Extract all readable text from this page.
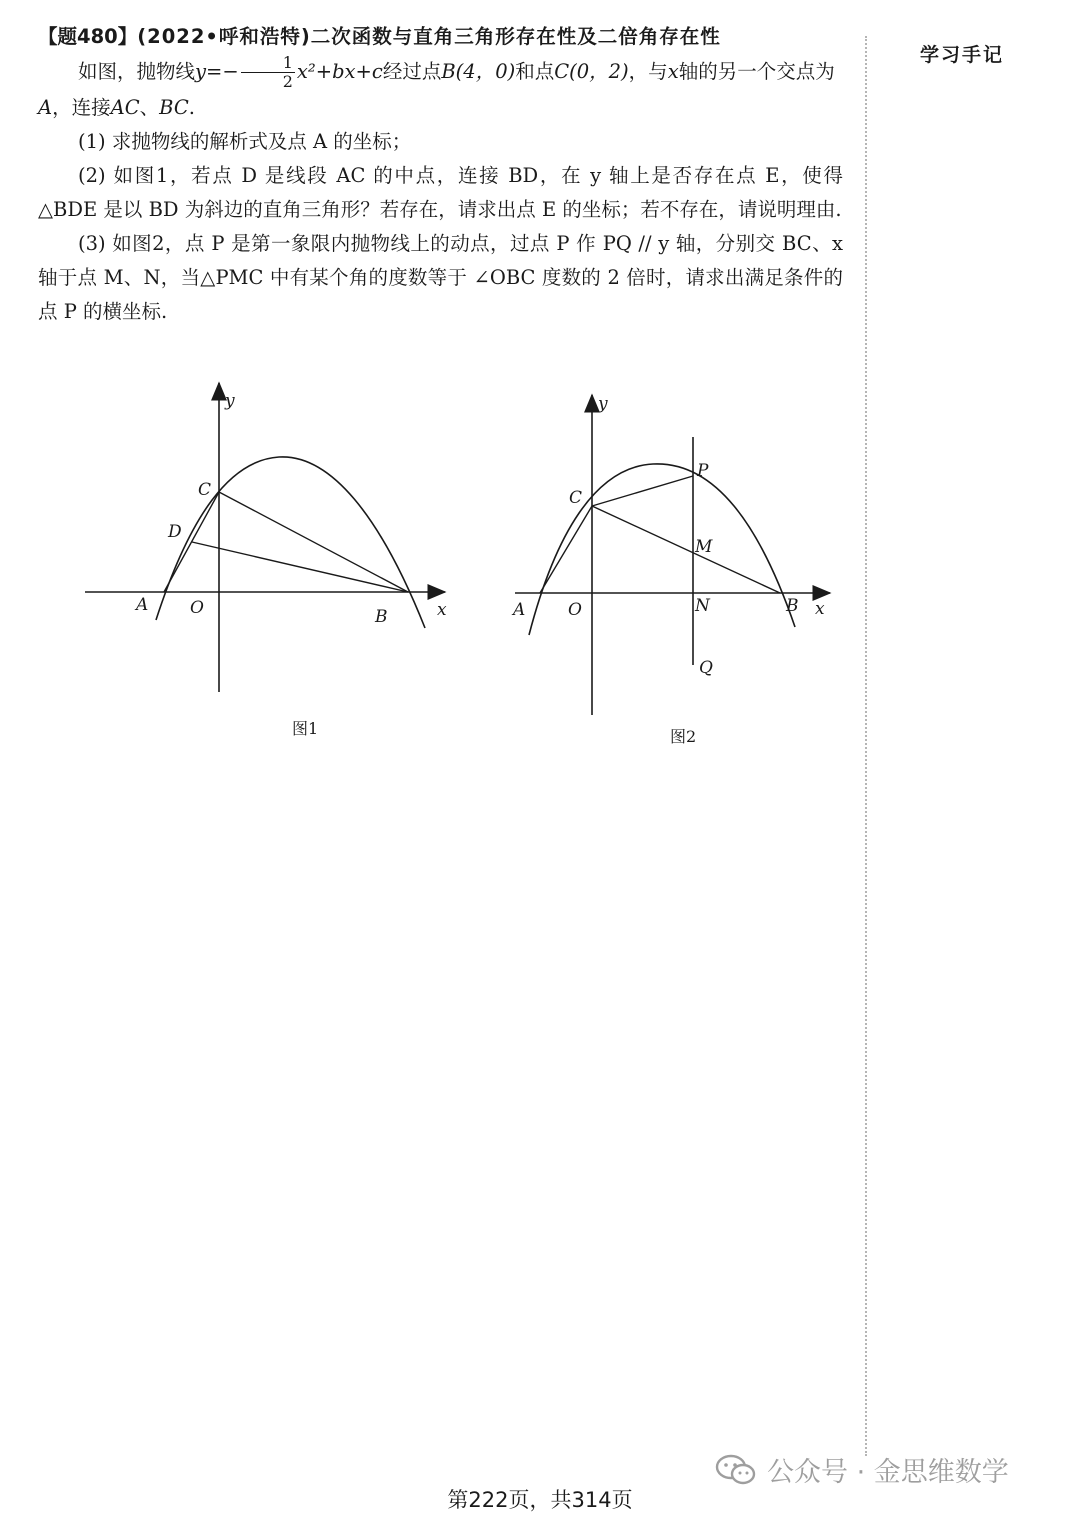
学习手记

【题480】(2022•呼和浩特)二次函数与直角三角形存在性及二倍角存在性

如图，抛物线$y=- \frac{1}{2} x^2+bx+c$经过点B(4，0)和点C(0，2)，与x轴的另一个交点为A，连接AC、BC.

(1) 求抛物线的解析式及点 A 的坐标；

(2) 如图1，若点 D 是线段 AC 的中点，连接 BD，在 y 轴上是否存在点 E，使得 △BDE 是以 BD 为斜边的直角三角形？若存在，请求出点 E 的坐标；若不存在，请说明理由.

(3) 如图2，点 P 是第一象限内抛物线上的动点，过点 P 作 PQ // y 轴，分别交 BC、x 轴于点 M、N，当△PMC 中有某个角的度数等于 ∠OBC 度数的 2 倍时，请求出满足条件的点 P 的横坐标.

y
x
C
D
A O	B
图1
y
x
C
P
M
A	O	N	B
Q
图2
公众号 · 金思维数学
第222页，共314页
